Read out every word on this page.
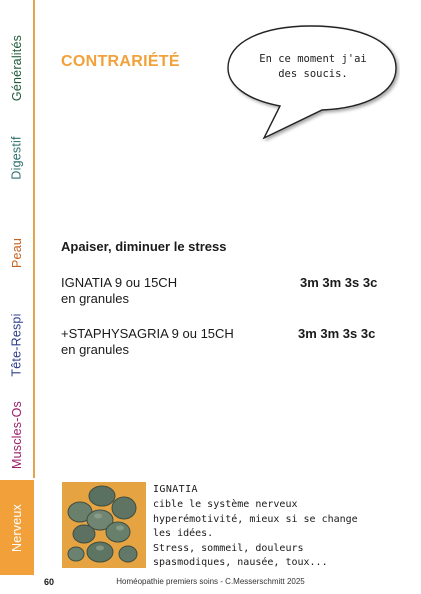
Généralités
Digestif
Peau
Tête-Respi
Muscles-Os
Nerveux
CONTRARIÉTÉ	En ce moment j'ai
des soucis.
Apaiser, diminuer le stress
IGNATIA 9 ou 15CH	3m 3m 3s 3c
en granules
+STAPHYSAGRIA 9 ou 15CH	3m 3m 3s 3c
en granules
IGNATIA
cible le système nerveux
hyperémotivité, mieux si se change
les idées.
Stress, sommeil, douleurs
spasmodiques, nausée, toux...
Homéopathie premiers soins - C.Messerschmitt 2025
60
